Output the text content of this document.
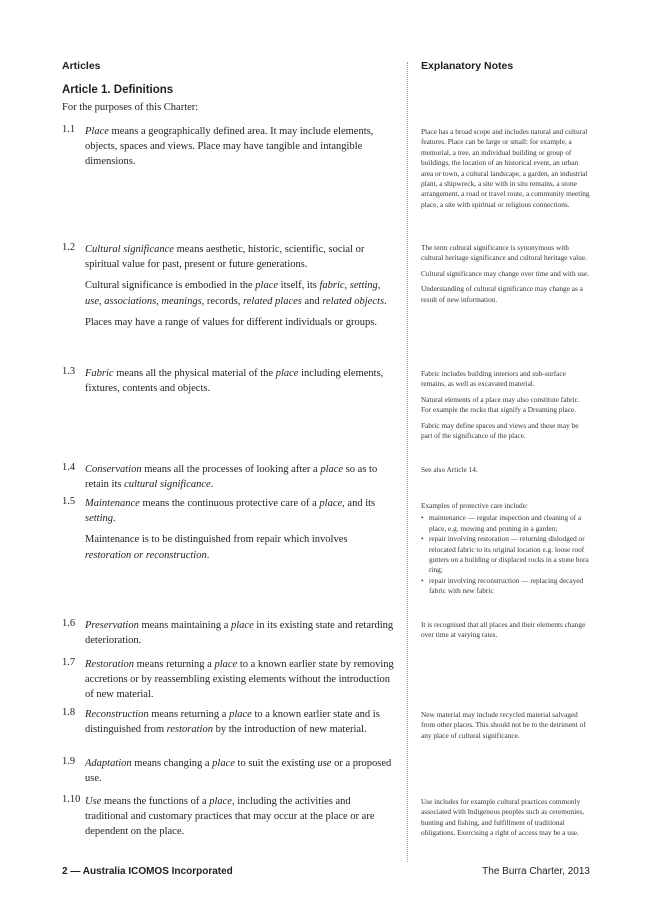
Articles	Explanatory Notes
Article 1. Definitions
For the purposes of this Charter:
1.1 Place means a geographically defined area. It may include elements, objects, spaces and views. Place may have tangible and intangible dimensions.

Place has a broad scope and includes natural and cultural features. Place can be large or small: for example, a memorial, a tree, an individual building or group of buildings, the location of an historical event, an urban area or town, a cultural landscape, a garden, an industrial plant, a shipwreck, a site with in situ remains, a stone arrangement, a road or travel route, a community meeting place, a site with spiritual or religious connections.

1.2 Cultural significance means aesthetic, historic, scientific, social or spiritual value for past, present or future generations.

Cultural significance is embodied in the place itself, its fabric, setting, use, associations, meanings, records, related places and related objects.

Places may have a range of values for different individuals or groups.

The term cultural significance is synonymous with cultural heritage significance and cultural heritage value.

Cultural significance may change over time and with use.

Understanding of cultural significance may change as a result of new information.

1.3 Fabric means all the physical material of the place including elements, fixtures, contents and objects.

Fabric includes building interiors and sub-surface remains, as well as excavated material.

Natural elements of a place may also constitute fabric. For example the rocks that signify a Dreaming place.

Fabric may define spaces and views and these may be part of the significance of the place.

1.4 Conservation means all the processes of looking after a place so as to retain its cultural significance.

See also Article 14.

1.5 Maintenance means the continuous protective care of a place, and its setting.

Maintenance is to be distinguished from repair which involves restoration or reconstruction.

Examples of protective care include:

• maintenance — regular inspection and cleaning of a place, e.g. mowing and pruning in a garden;
• repair involving restoration — returning dislodged or relocated fabric to its original location e.g. loose roof gutters on a building or displaced rocks in a stone bora ring;
• repair involving reconstruction — replacing decayed fabric with new fabric
1.6 Preservation means maintaining a place in its existing state and retarding deterioration.

It is recognised that all places and their elements change over time at varying rates.

1.7 Restoration means returning a place to a known earlier state by removing accretions or by reassembling existing elements without the introduction of new material.

1.8 Reconstruction means returning a place to a known earlier state and is distinguished from restoration by the introduction of new material.

New material may include recycled material salvaged from other places. This should not be to the detriment of any place of cultural significance.

1.9 Adaptation means changing a place to suit the existing use or a proposed use.

1.10 Use means the functions of a place, including the activities and traditional and customary practices that may occur at the place or are dependent on the place.

Use includes for example cultural practices commonly associated with Indigenous peoples such as ceremonies, hunting and fishing, and fulfillment of traditional obligations. Exercising a right of access may be a use.

2 — Australia ICOMOS Incorporated	The Burra Charter, 2013
